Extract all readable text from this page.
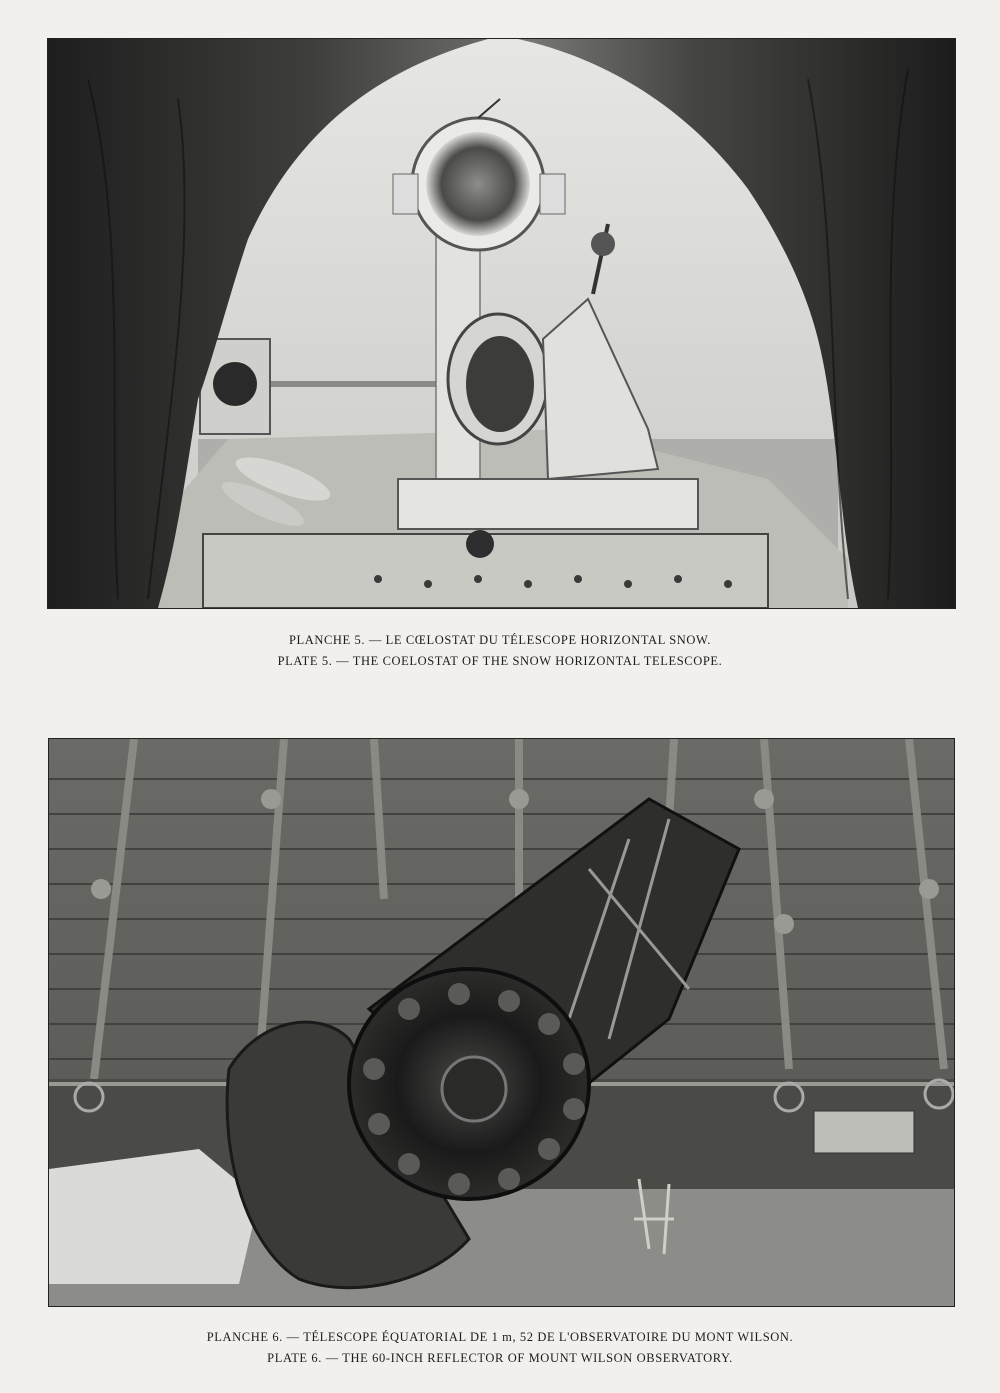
PLANCHE 5. — LE CŒLOSTAT DU TÉLESCOPE HORIZONTAL SNOW.
PLATE 5. — THE COELOSTAT OF THE SNOW HORIZONTAL TELESCOPE.
PLANCHE 6. — TÉLESCOPE ÉQUATORIAL DE 1 m, 52 DE L'OBSERVATOIRE DU MONT WILSON.
PLATE 6. — THE 60-INCH REFLECTOR OF MOUNT WILSON OBSERVATORY.
